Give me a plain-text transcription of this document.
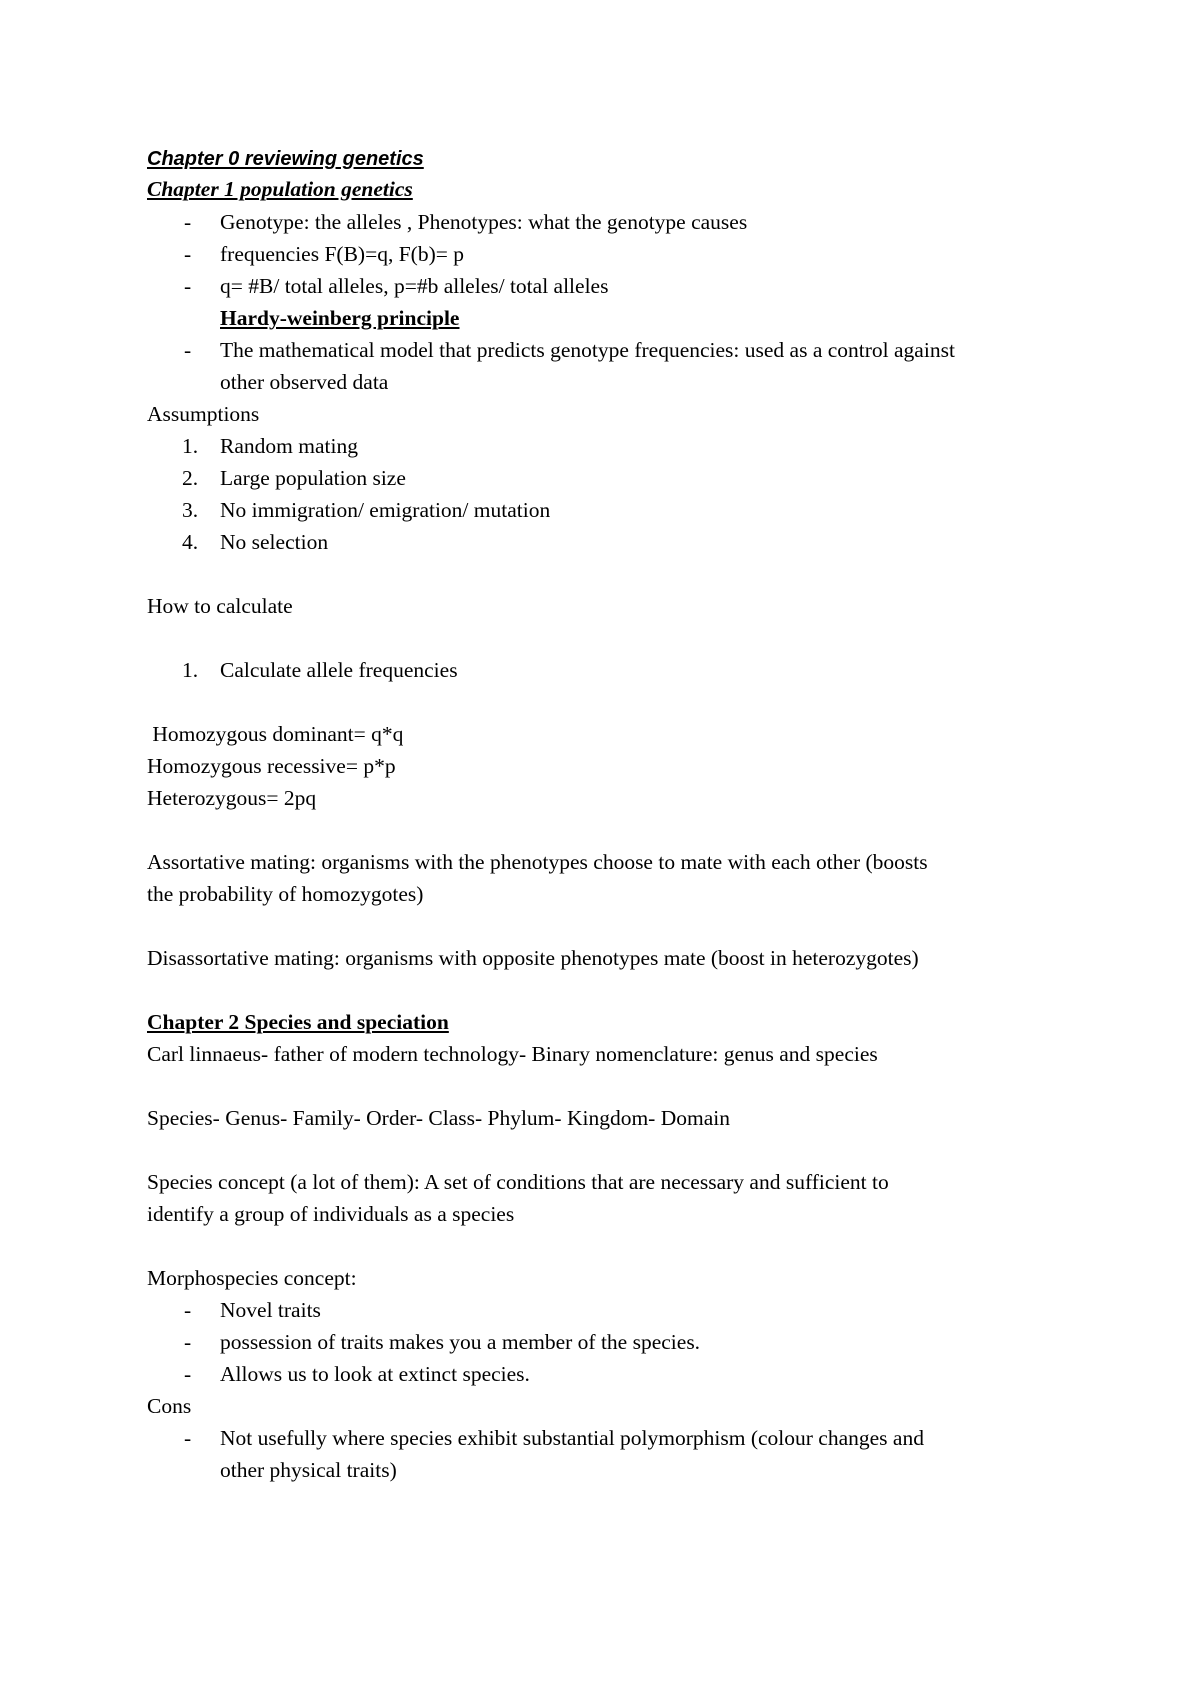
Chapter 0 reviewing genetics
Chapter 1 population genetics
- Genotype: the alleles , Phenotypes: what the genotype causes
- frequencies F(B)=q, F(b)= p
- q= #B/ total alleles, p=#b alleles/ total alleles
Hardy-weinberg principle
- The mathematical model that predicts genotype frequencies: used as a control against
other observed data
Assumptions
1. Random mating
2. Large population size
3. No immigration/ emigration/ mutation
4. No selection
How to calculate
1. Calculate allele frequencies
Homozygous dominant= q*q
Homozygous recessive= p*p
Heterozygous= 2pq
Assortative mating: organisms with the phenotypes choose to mate with each other (boosts
the probability of homozygotes)
Disassortative mating: organisms with opposite phenotypes mate (boost in heterozygotes)
Chapter 2 Species and speciation
Carl linnaeus- father of modern technology- Binary nomenclature: genus and species
Species- Genus- Family- Order- Class- Phylum- Kingdom- Domain
Species concept (a lot of them): A set of conditions that are necessary and sufficient to
identify a group of individuals as a species
Morphospecies concept:
- Novel traits
- possession of traits makes you a member of the species.
- Allows us to look at extinct species.
Cons
- Not usefully where species exhibit substantial polymorphism (colour changes and
other physical traits)
